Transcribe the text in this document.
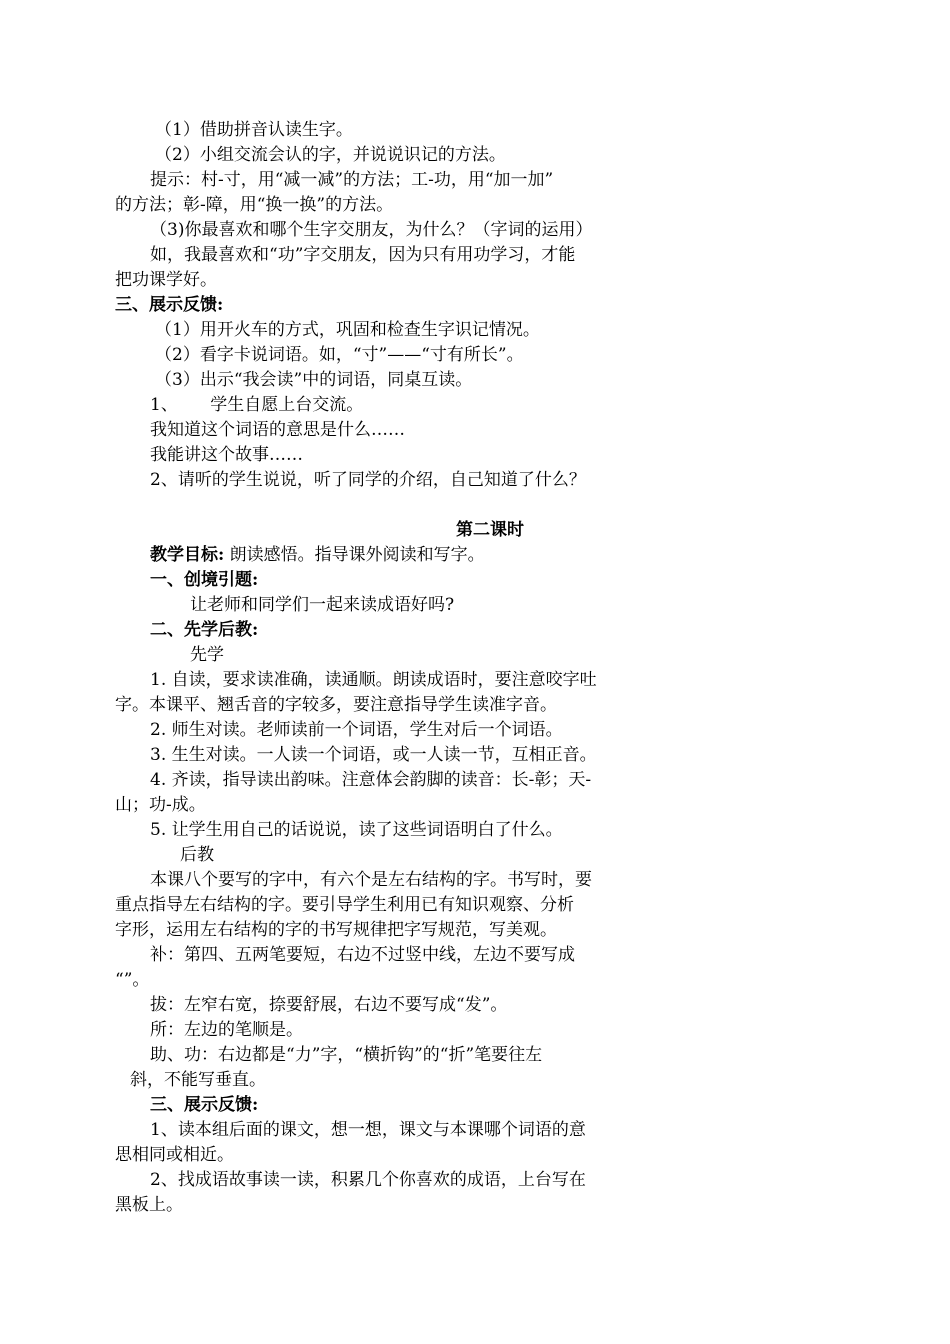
（1）借助拼音认读生字。
（2）小组交流会认的字，并说说识记的方法。
提示：村-寸，用“减一减”的方法；工-功，用“加一加”
的方法；彰-障，用“换一换”的方法。
（3)你最喜欢和哪个生字交朋友，为什么？（字词的运用）
如，我最喜欢和“功”字交朋友，因为只有用功学习，才能
把功课学好。
三、展示反馈:
（1）用开火车的方式，巩固和检查生字识记情况。
（2）看字卡说词语。如，“寸”——“寸有所长”。
（3）出示“我会读”中的词语，同桌互读。
1、      学生自愿上台交流。
我知道这个词语的意思是什么……
我能讲这个故事……
2、请听的学生说说，听了同学的介绍，自己知道了什么？
第二课时
教学目标: 朗读感悟。指导课外阅读和写字。
一、创境引题:
让老师和同学们一起来读成语好吗?
二、先学后教:
先学
1. 自读，要求读准确，读通顺。朗读成语时，要注意咬字吐
字。本课平、翘舌音的字较多，要注意指导学生读准字音。
2. 师生对读。老师读前一个词语，学生对后一个词语。
3. 生生对读。一人读一个词语，或一人读一节，互相正音。
4. 齐读，指导读出韵味。注意体会韵脚的读音：长-彰；天-
山；功-成。
5. 让学生用自己的话说说，读了这些词语明白了什么。
后教
本课八个要写的字中，有六个是左右结构的字。书写时，要
重点指导左右结构的字。要引导学生利用已有知识观察、分析
字形，运用左右结构的字的书写规律把字写规范，写美观。
补：第四、五两笔要短，右边不过竖中线，左边不要写成
“”。
拔：左窄右宽，捺要舒展，右边不要写成“发”。
所：左边的笔顺是。
助、功：右边都是“力”字，“横折钩”的“折”笔要往左
斜，不能写垂直。
三、展示反馈:
1、读本组后面的课文，想一想，课文与本课哪个词语的意
思相同或相近。
2、找成语故事读一读，积累几个你喜欢的成语，上台写在
黑板上。
